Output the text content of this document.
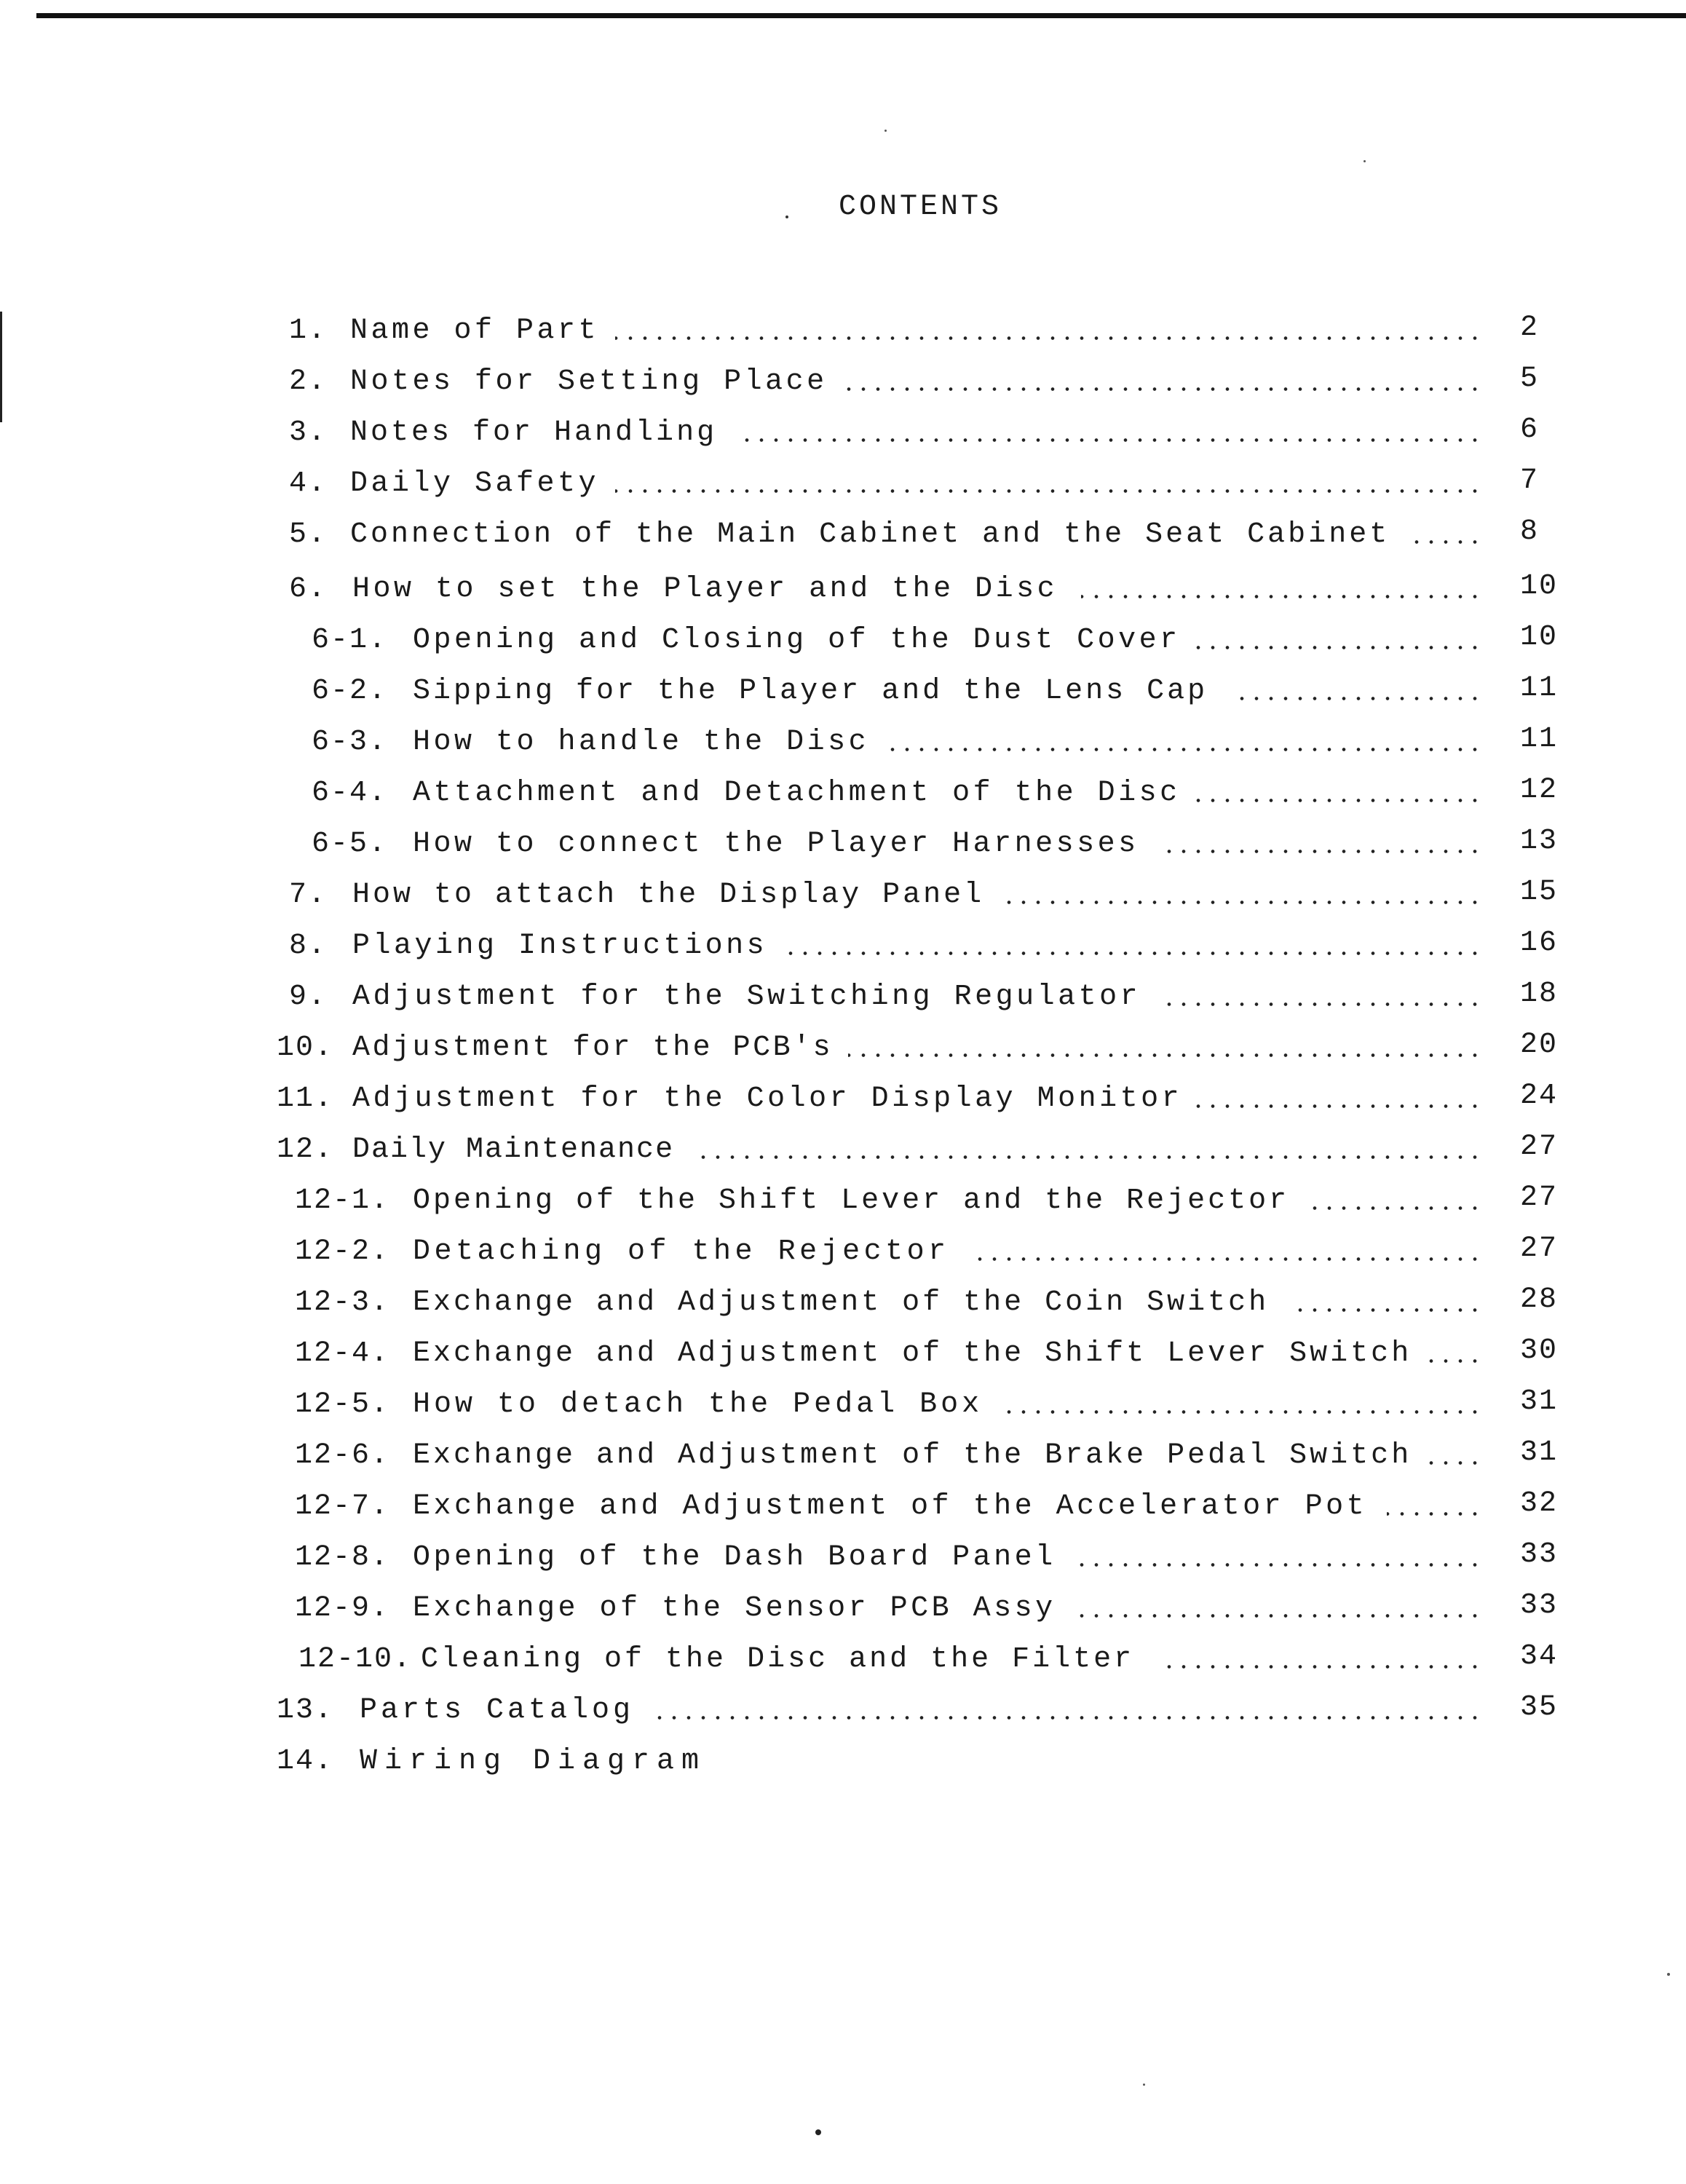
CONTENTS
1. Name of Part	2
2. Notes for Setting Place	5
3. Notes for Handling	6
4. Daily Safety	7
5. Connection of the Main Cabinet and the Seat Cabinet	8
6. How to set the Player and the Disc	10
6-1. Opening and Closing of the Dust Cover	10
6-2. Sipping for the Player and the Lens Cap	11
6-3. How to handle the Disc	11
6-4. Attachment and Detachment of the Disc	12
6-5. How to connect the Player Harnesses	13
7. How to attach the Display Panel	15
8. Playing Instructions	16
9. Adjustment for the Switching Regulator	18
10. Adjustment for the PCB's	20
11. Adjustment for the Color Display Monitor	24
12. Daily Maintenance	27
12-1. Opening of the Shift Lever and the Rejector	27
12-2. Detaching of the Rejector	27
12-3. Exchange and Adjustment of the Coin Switch	28
12-4. Exchange and Adjustment of the Shift Lever Switch	30
12-5. How to detach the Pedal Box	31
12-6. Exchange and Adjustment of the Brake Pedal Switch	31
12-7. Exchange and Adjustment of the Accelerator Pot	32
12-8. Opening of the Dash Board Panel	33
12-9. Exchange of the Sensor PCB Assy	33
12-10. Cleaning of the Disc and the Filter	34
13. Parts Catalog	35
14. Wiring Diagram
